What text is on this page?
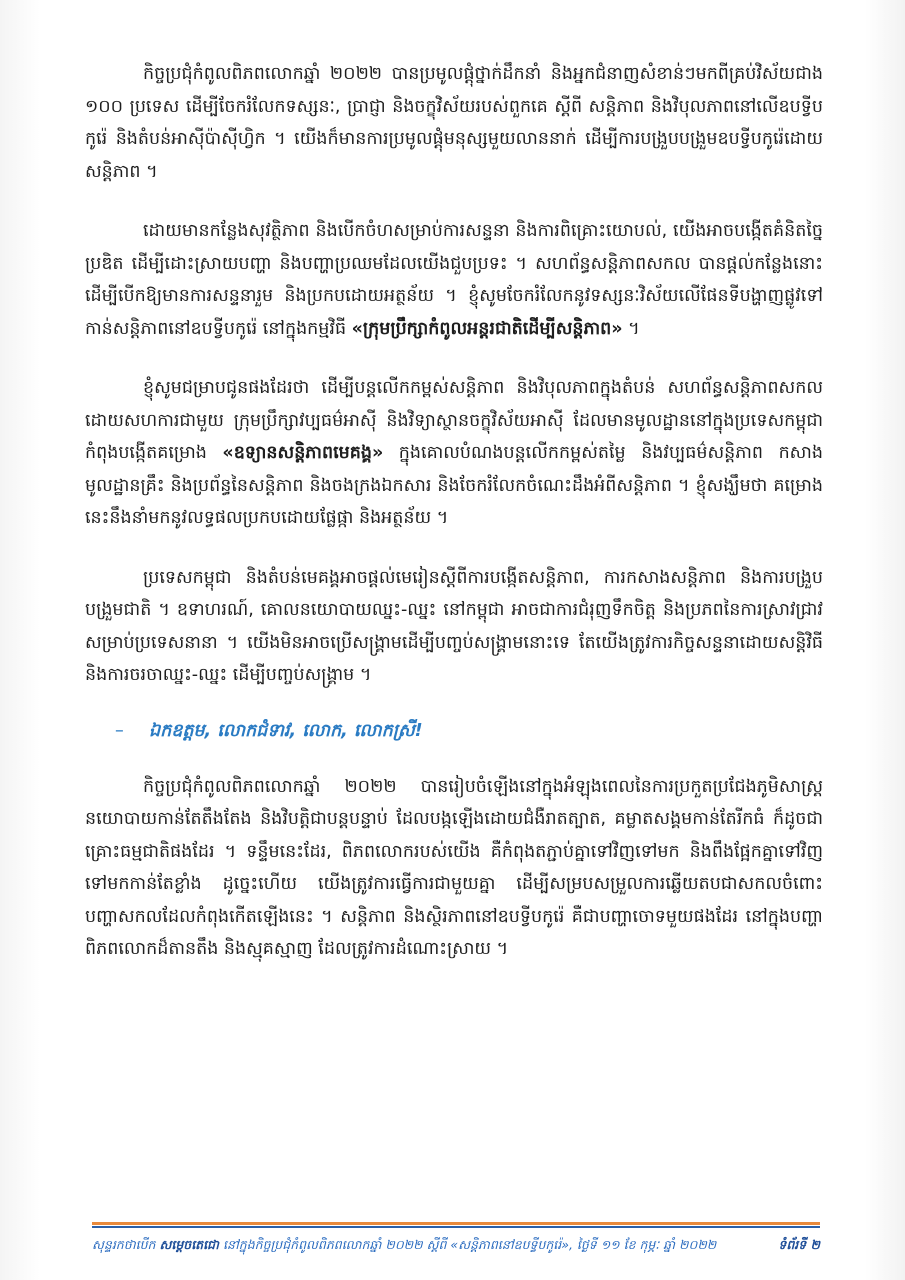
កិច្ចប្រជុំកំពូលពិភពលោកឆ្នាំ ២០២២ បានប្រមូលផ្តុំថ្នាក់ដឹកនាំ និងអ្នកជំនាញសំខាន់ៗមកពីគ្រប់វិស័យជាង ១០០ ប្រទេស ដើម្បីចែករំលែកទស្សនៈ, ប្រាជ្ញា និងចក្ខុវិស័យរបស់ពួកគេ ស្តីពី សន្តិភាព និងវិបុលភាពនៅលើឧបទ្វីបកូរ៉េ និងតំបន់អាស៊ីប៉ាស៊ីហ្វិក ។ យើងក៏មានការប្រមូលផ្តុំមនុស្សមួយលាននាក់ ដើម្បីការបង្រួបបង្រួមឧបទ្វីបកូរ៉េដោយសន្តិភាព ។

ដោយមានកន្លែងសុវត្ថិភាព និងបើកចំហសម្រាប់ការសន្ទនា និងការពិគ្រោះយោបល់, យើងអាចបង្កើតគំនិតច្នៃប្រឌិត ដើម្បីដោះស្រាយបញ្ហា និងបញ្ហាប្រឈមដែលយើងជួបប្រទះ ។ សហព័ន្ធសន្តិភាពសកល បានផ្តល់កន្លែងនោះ ដើម្បីបើកឱ្យមានការសន្ទនារួម និងប្រកបដោយអត្ថន័យ ។ ខ្ញុំសូមចែករំលែកនូវទស្សនៈវិស័យលើផែនទីបង្ហាញផ្លូវទៅកាន់សន្តិភាពនៅឧបទ្វីបកូរ៉េ នៅក្នុងកម្មវិធី «ក្រុមប្រឹក្សាកំពូលអន្តរជាតិដើម្បីសន្តិភាព» ។

ខ្ញុំសូមជម្រាបជូនផងដែរថា ដើម្បីបន្តលើកកម្ពស់សន្តិភាព និងវិបុលភាពក្នុងតំបន់ សហព័ន្ធសន្តិភាពសកល ដោយសហការជាមួយ ក្រុមប្រឹក្សាវប្បធម៌អាស៊ី និងវិទ្យាស្ថានចក្ខុវិស័យអាស៊ី ដែលមានមូលដ្ឋាននៅក្នុងប្រទេសកម្ពុជា កំពុងបង្កើតគម្រោង «ឧទ្យានសន្តិភាពមេគង្គ» ក្នុងគោលបំណងបន្តលើកកម្ពស់តម្លៃ និងវប្បធម៌សន្តិភាព កសាងមូលដ្ឋានគ្រឹះ និងប្រព័ន្ធនៃសន្តិភាព និងចងក្រងឯកសារ និងចែករំលែកចំណេះដឹងអំពីសន្តិភាព ។ ខ្ញុំសង្ឃឹមថា គម្រោងនេះនឹងនាំមកនូវលទ្ធផលប្រកបដោយផ្លែផ្កា និងអត្ថន័យ ។

ប្រទេសកម្ពុជា និងតំបន់មេគង្គអាចផ្តល់មេរៀនស្តីពីការបង្កើតសន្តិភាព, ការកសាងសន្តិភាព និងការបង្រួបបង្រួមជាតិ ។ ឧទាហរណ៍, គោលនយោបាយឈ្នះ-ឈ្នះ នៅកម្ពុជា អាចជាការជំរុញទឹកចិត្ត និងប្រភពនៃការស្រាវជ្រាវសម្រាប់ប្រទេសនានា ។ យើងមិនអាចប្រើសង្គ្រាមដើម្បីបញ្ចប់សង្គ្រាមនោះទេ តែយើងត្រូវការកិច្ចសន្ទនាដោយសន្តិវិធី និងការចរចាឈ្នះ-ឈ្នះ ដើម្បីបញ្ចប់សង្គ្រាម ។

–	ឯកឧត្តម, លោកជំទាវ, លោក, លោកស្រី!

កិច្ចប្រជុំកំពូលពិភពលោកឆ្នាំ ២០២២ បានរៀបចំឡើងនៅក្នុងអំឡុងពេលនៃការប្រកួតប្រជែងភូមិសាស្ត្រនយោបាយកាន់តែតឹងតែង និងវិបត្តិជាបន្តបន្ទាប់ ដែលបង្កឡើងដោយជំងឺរាតត្បាត, គម្លាតសង្គមកាន់តែរីកធំ ក៏ដូចជាគ្រោះធម្មជាតិផងដែរ ។ ទន្ទឹមនេះដែរ, ពិភពលោករបស់យើង គឺកំពុងតភ្ជាប់គ្នាទៅវិញទៅមក និងពឹងផ្អែកគ្នាទៅវិញទៅមកកាន់តែខ្លាំង ដូច្នេះហើយ យើងត្រូវការធ្វើការជាមួយគ្នា ដើម្បីសម្របសម្រួលការឆ្លើយតបជាសកលចំពោះបញ្ហាសកលដែលកំពុងកើតឡើងនេះ ។ សន្តិភាព និងស្ថិរភាពនៅឧបទ្វីបកូរ៉េ គឺជាបញ្ហាចោទមួយផងដែរ នៅក្នុងបញ្ហាពិភពលោកដ៏តានតឹង និងស្មុគស្មាញ ដែលត្រូវការដំណោះស្រាយ ។

សុន្ទរកថាបើក សម្តេចតេជោ នៅក្នុងកិច្ចប្រជុំកំពូលពិភពលោកឆ្នាំ ២០២២ ស្តីពី «សន្តិភាពនៅឧបទ្វីបកូរ៉េ», ថ្ងៃទី ១១ ខែ កុម្ភៈ ឆ្នាំ ២០២២	ទំព័រទី ២
